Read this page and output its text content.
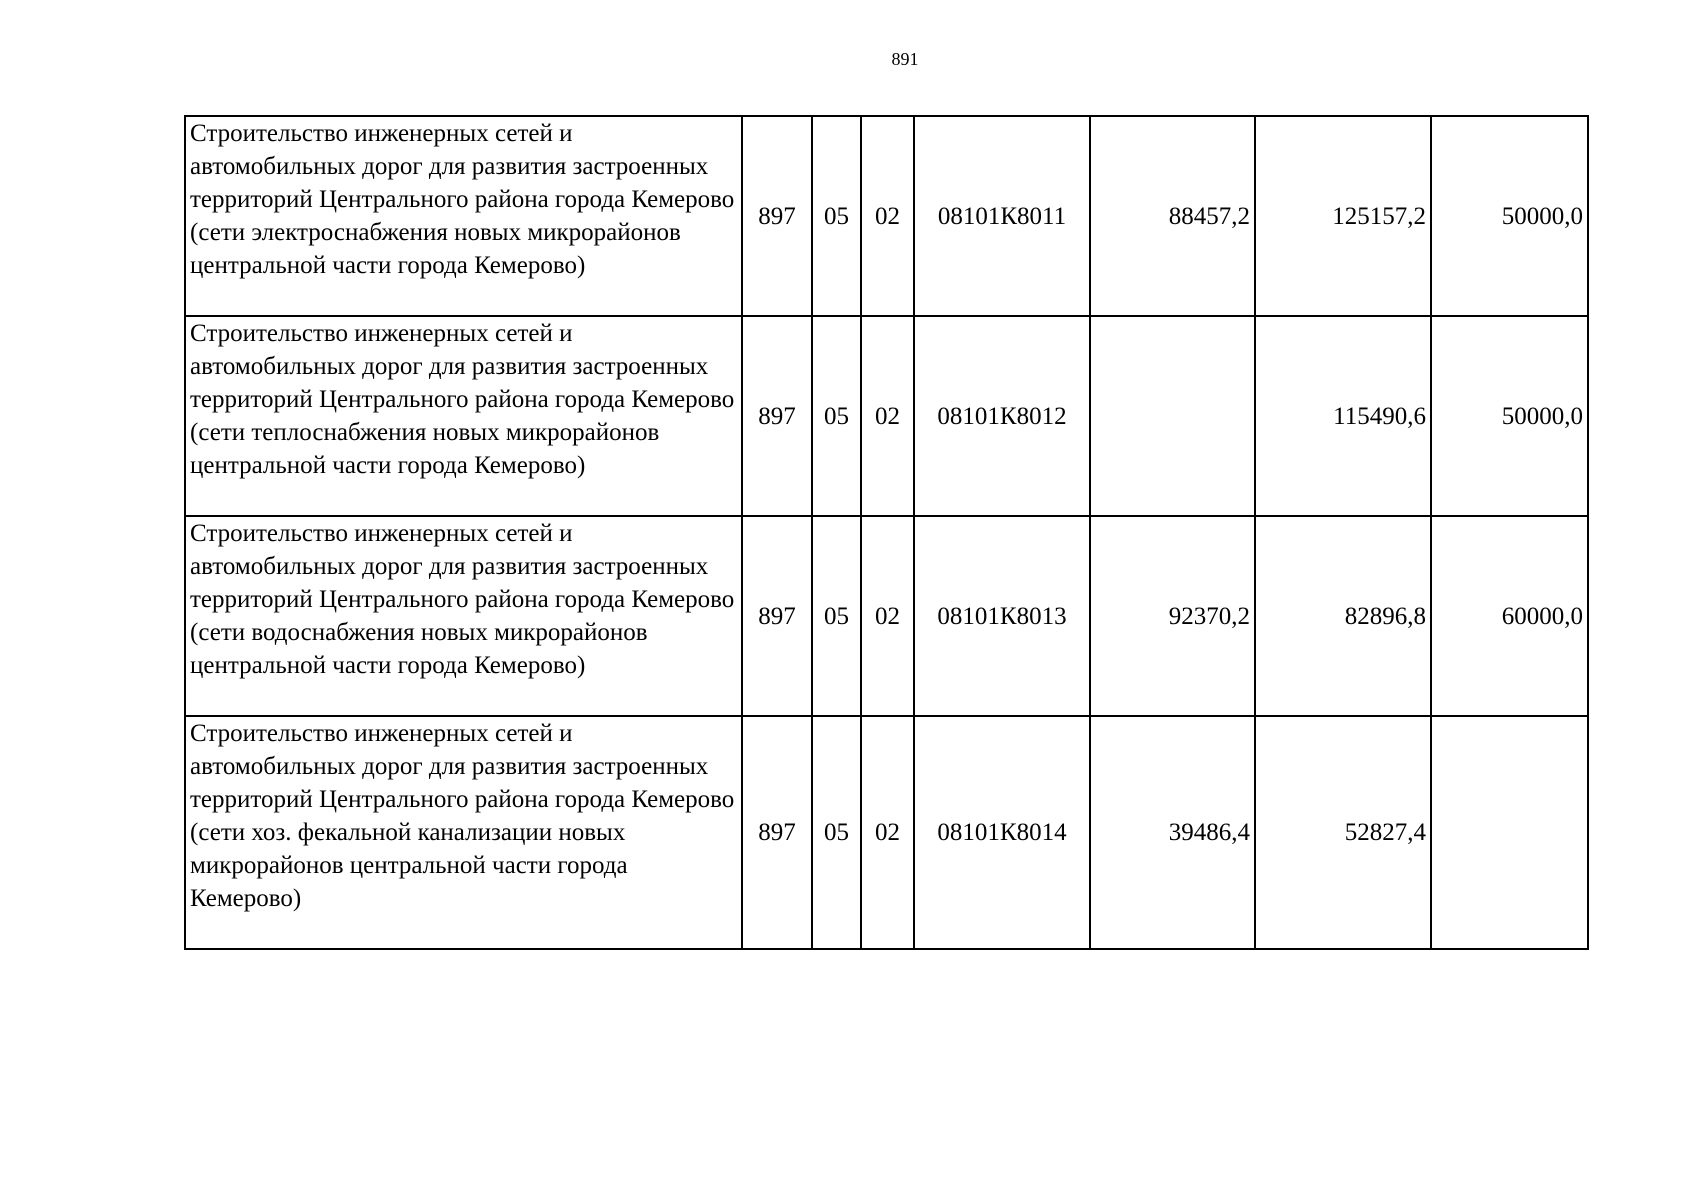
891
Строительство инженерных сетей и автомобильных дорог для развития застроенных территорий Центрального района города Кемерово (сети электроснабжения новых микрорайонов центральной части города Кемерово)	897	05	02	08101К8011	88457,2	125157,2	50000,0
Строительство инженерных сетей и автомобильных дорог для развития застроенных территорий Центрального района города Кемерово (сети теплоснабжения новых микрорайонов центральной части города Кемерово)	897	05	02	08101К8012		115490,6	50000,0
Строительство инженерных сетей и автомобильных дорог для развития застроенных территорий Центрального района города Кемерово (сети водоснабжения новых микрорайонов центральной части города Кемерово)	897	05	02	08101К8013	92370,2	82896,8	60000,0
Строительство инженерных сетей и автомобильных дорог для развития застроенных территорий Центрального района города Кемерово (сети хоз. фекальной канализации новых микрорайонов центральной части города Кемерово)	897	05	02	08101К8014	39486,4	52827,4	
